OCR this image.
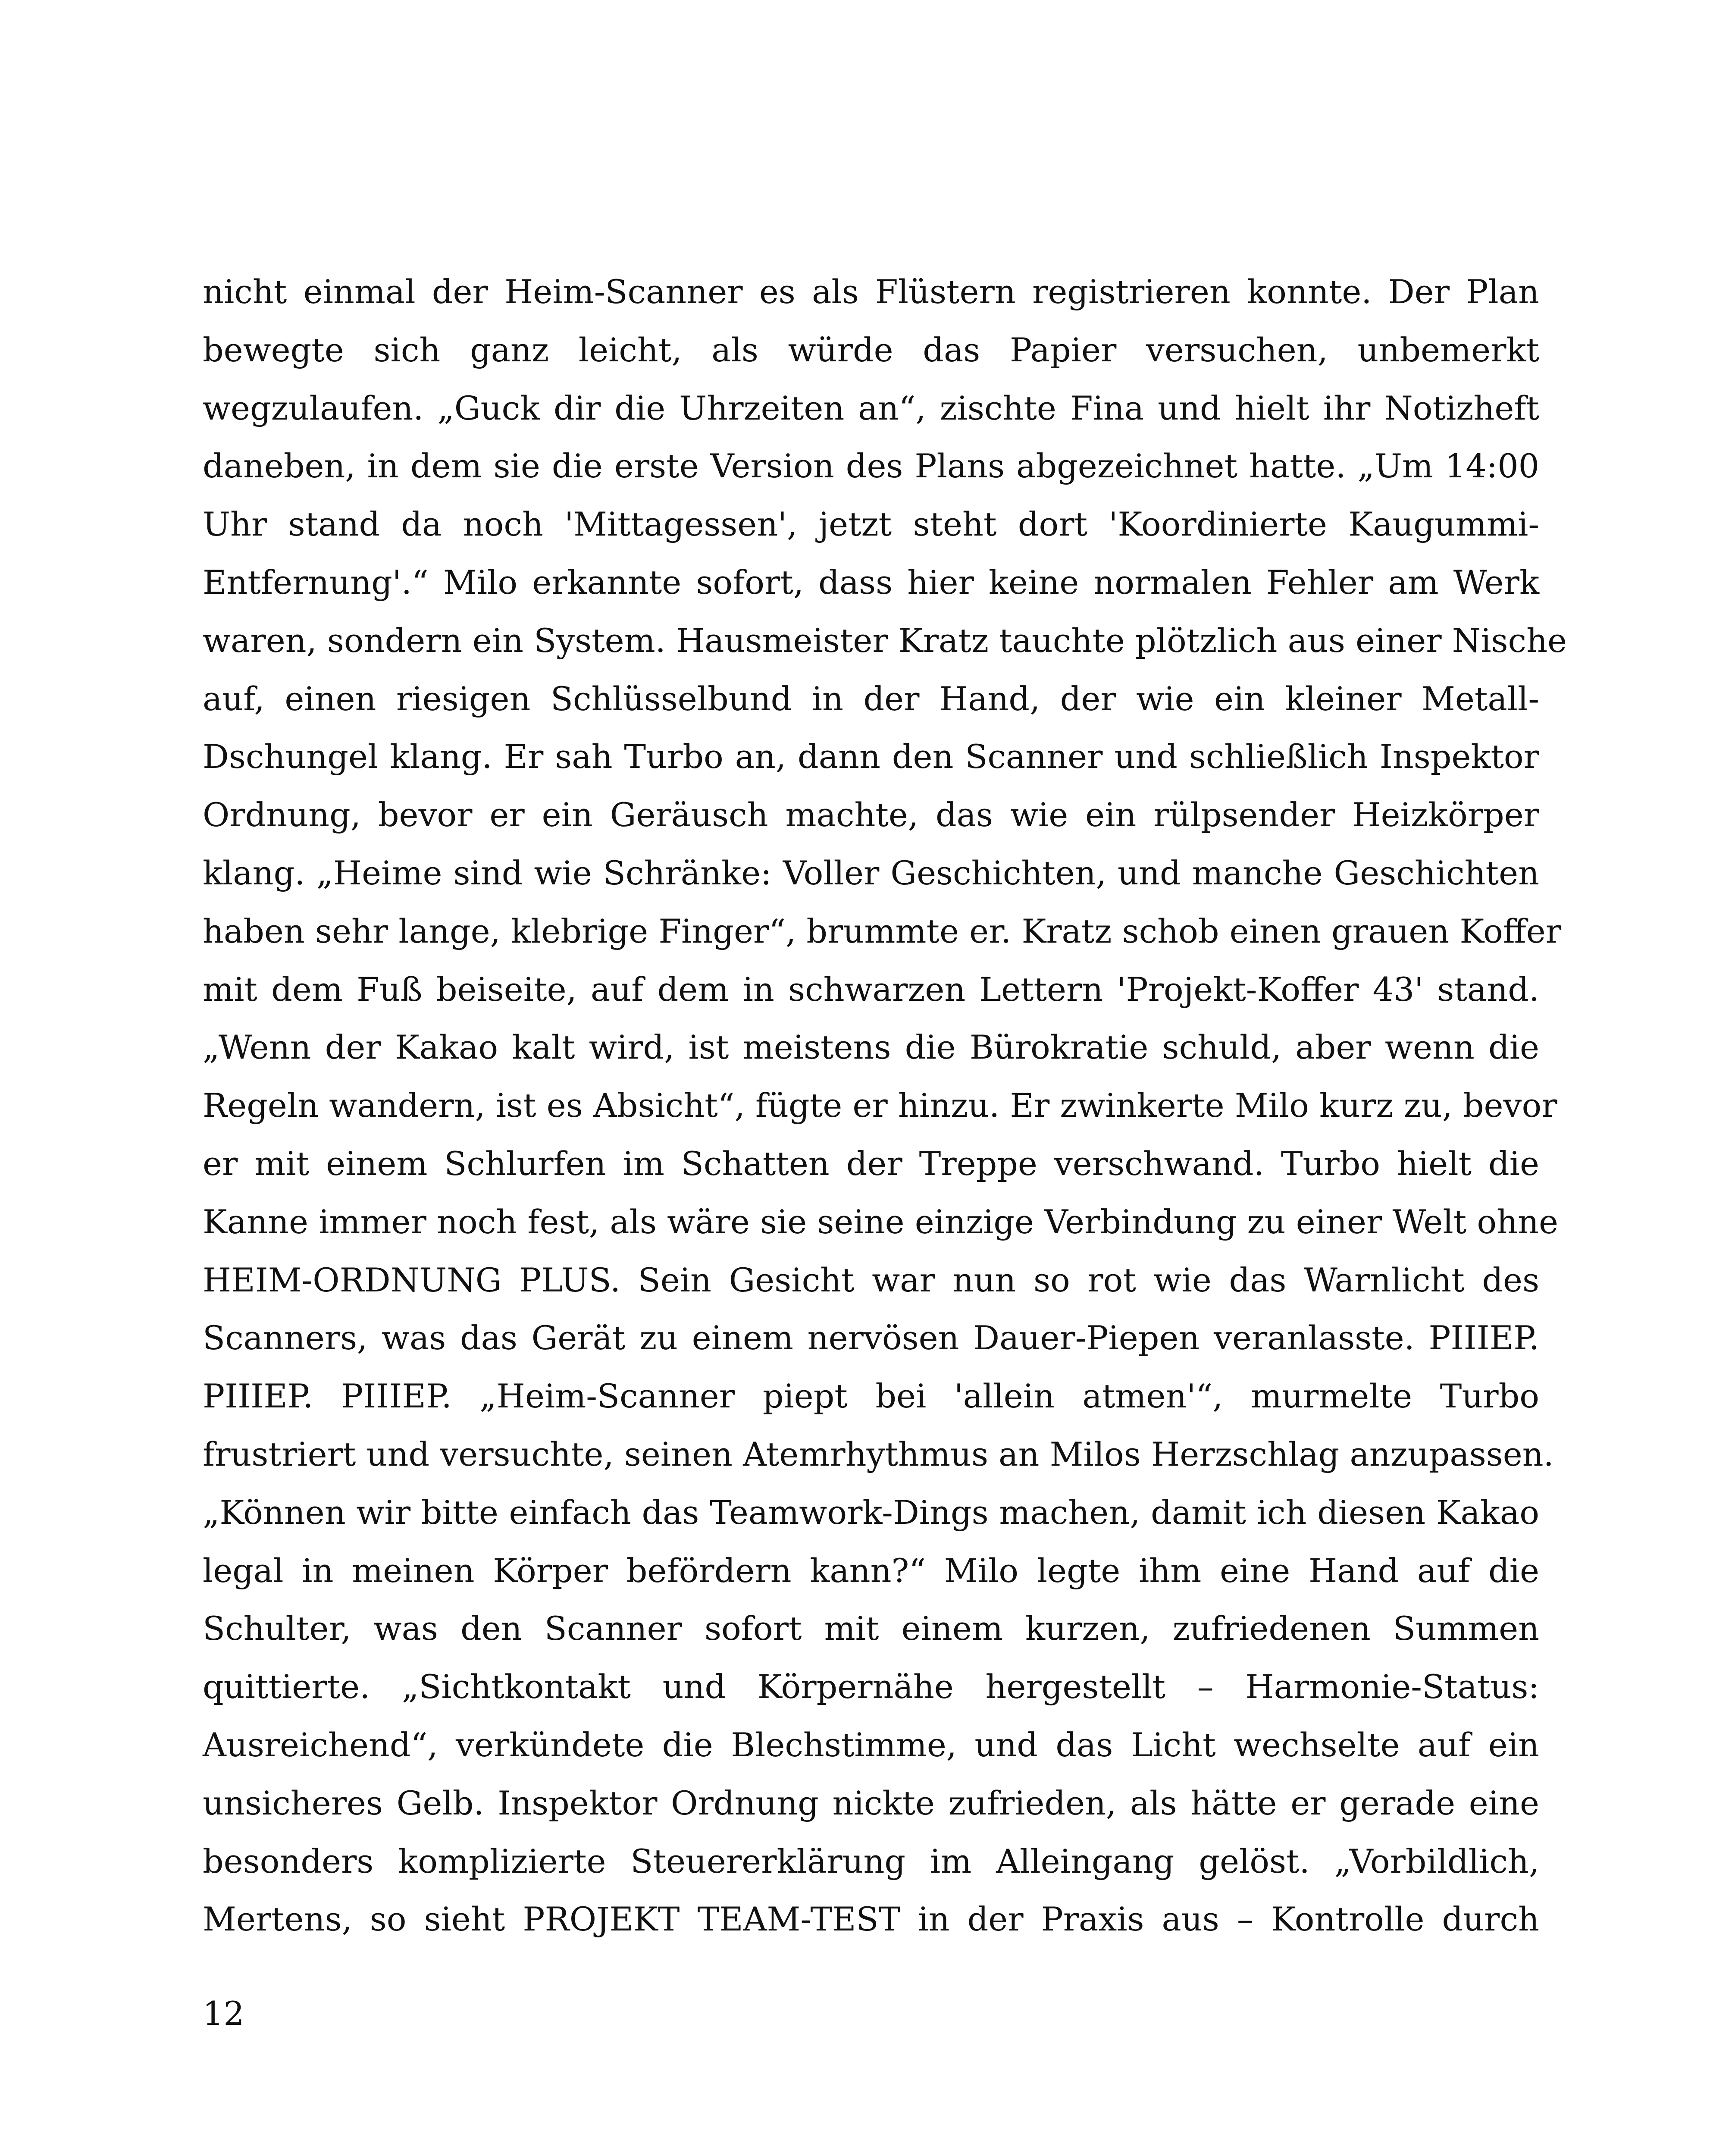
nicht einmal der Heim-Scanner es als Flüstern registrieren konnte. Der Plan
bewegte sich ganz leicht, als würde das Papier versuchen, unbemerkt
wegzulaufen. „Guck dir die Uhrzeiten an“, zischte Fina und hielt ihr Notizheft
daneben, in dem sie die erste Version des Plans abgezeichnet hatte. „Um 14:00
Uhr stand da noch 'Mittagessen', jetzt steht dort 'Koordinierte Kaugummi-
Entfernung'.“ Milo erkannte sofort, dass hier keine normalen Fehler am Werk
waren, sondern ein System. Hausmeister Kratz tauchte plötzlich aus einer Nische
auf, einen riesigen Schlüsselbund in der Hand, der wie ein kleiner Metall-
Dschungel klang. Er sah Turbo an, dann den Scanner und schließlich Inspektor
Ordnung, bevor er ein Geräusch machte, das wie ein rülpsender Heizkörper
klang. „Heime sind wie Schränke: Voller Geschichten, und manche Geschichten
haben sehr lange, klebrige Finger“, brummte er. Kratz schob einen grauen Koffer
mit dem Fuß beiseite, auf dem in schwarzen Lettern 'Projekt-Koffer 43' stand.
„Wenn der Kakao kalt wird, ist meistens die Bürokratie schuld, aber wenn die
Regeln wandern, ist es Absicht“, fügte er hinzu. Er zwinkerte Milo kurz zu, bevor
er mit einem Schlurfen im Schatten der Treppe verschwand. Turbo hielt die
Kanne immer noch fest, als wäre sie seine einzige Verbindung zu einer Welt ohne
HEIM-ORDNUNG PLUS. Sein Gesicht war nun so rot wie das Warnlicht des
Scanners, was das Gerät zu einem nervösen Dauer-Piepen veranlasste. PIIIEP.
PIIIEP. PIIIEP. „Heim-Scanner piept bei 'allein atmen'“, murmelte Turbo
frustriert und versuchte, seinen Atemrhythmus an Milos Herzschlag anzupassen.
„Können wir bitte einfach das Teamwork-Dings machen, damit ich diesen Kakao
legal in meinen Körper befördern kann?“ Milo legte ihm eine Hand auf die
Schulter, was den Scanner sofort mit einem kurzen, zufriedenen Summen
quittierte. „Sichtkontakt und Körpernähe hergestellt – Harmonie-Status:
Ausreichend“, verkündete die Blechstimme, und das Licht wechselte auf ein
unsicheres Gelb. Inspektor Ordnung nickte zufrieden, als hätte er gerade eine
besonders komplizierte Steuererklärung im Alleingang gelöst. „Vorbildlich,
Mertens, so sieht PROJEKT TEAM-TEST in der Praxis aus – Kontrolle durch
12
